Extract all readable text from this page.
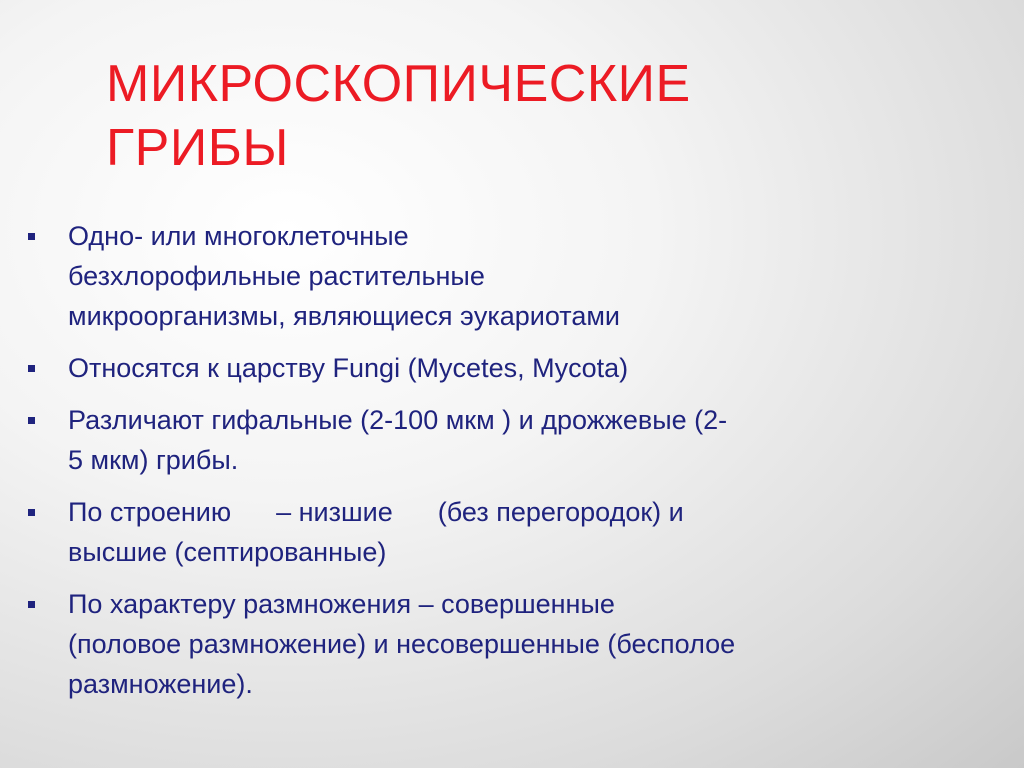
МИКРОСКОПИЧЕСКИЕ
ГРИБЫ
Одно- или многоклеточные
безхлорофильные растительные
микроорганизмы, являющиеся эукариотами
Относятся к царству Fungi (Mycetes, Mycota)
Различают гифальные (2-100 мкм ) и дрожжевые (2-
5 мкм) грибы.
По строению      – низшие      (без перегородок) и
высшие (септированные)
По характеру размножения – совершенные
(половое размножение) и несовершенные (бесполое
размножение).
